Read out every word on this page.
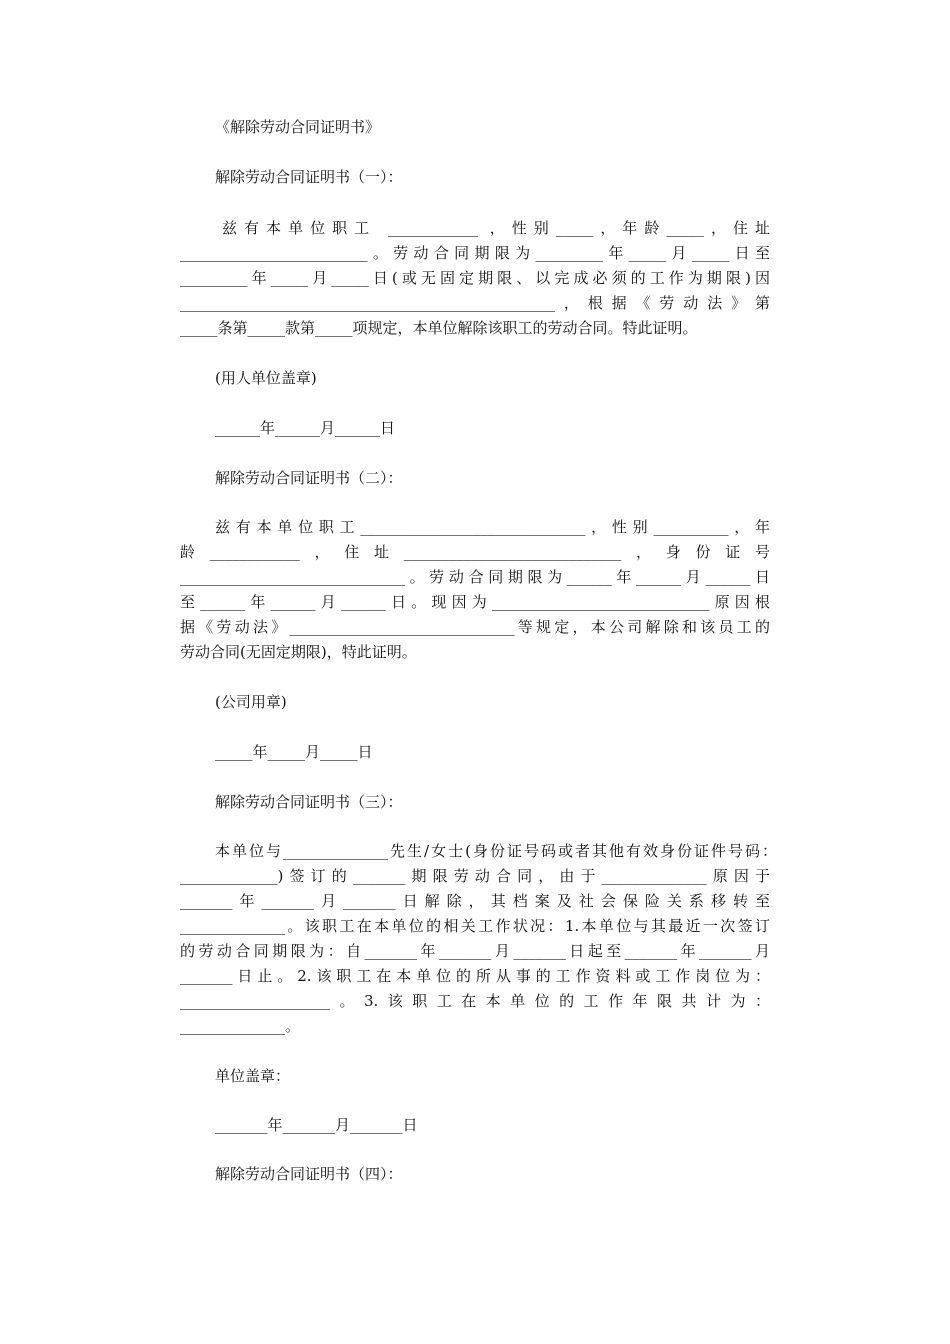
《解除劳动合同证明书》
解除劳动合同证明书（一）：
兹有本单位职工 ____________ ，性别_____，年龄_____，住址
_________________________。劳动合同期限为_________年_____月_____日至
_________年_____月_____日(或无固定期限、以完成必须的工作为期限)因
__________________________________________________，根据《劳动法》第
_____条第_____款第_____项规定，本单位解除该职工的劳动合同。特此证明。
(用人单位盖章)
______年______月______日
解除劳动合同证明书（二）：
兹有本单位职工______________________________，性别__________，年
龄____________，住址_____________________________，身份证号
______________________________。劳动合同期限为______年______月______日
至______年______月______日。现因为_____________________________原因根
据《劳动法》______________________________等规定，本公司解除和该员工的
劳动合同(无固定期限)，特此证明。
(公司用章)
_____年_____月_____日
解除劳动合同证明书（三）：
本单位与______________先生/女士(身份证号码或者其他有效身份证件号码：
_____________)签订的_______期限劳动合同，由于______________原因于
_______年_______月_______日解除，其档案及社会保险关系移转至
______________。该职工在本单位的相关工作状况：1.本单位与其最近一次签订
的劳动合同期限为：自_______年_______月_______日起至_______年_______月
_______日止。2.该职工在本单位的所从事的工作资料或工作岗位为：
____________________。3.该职工在本单位的工作年限共计为：
______________。
单位盖章：
_______年_______月_______日
解除劳动合同证明书（四）：
